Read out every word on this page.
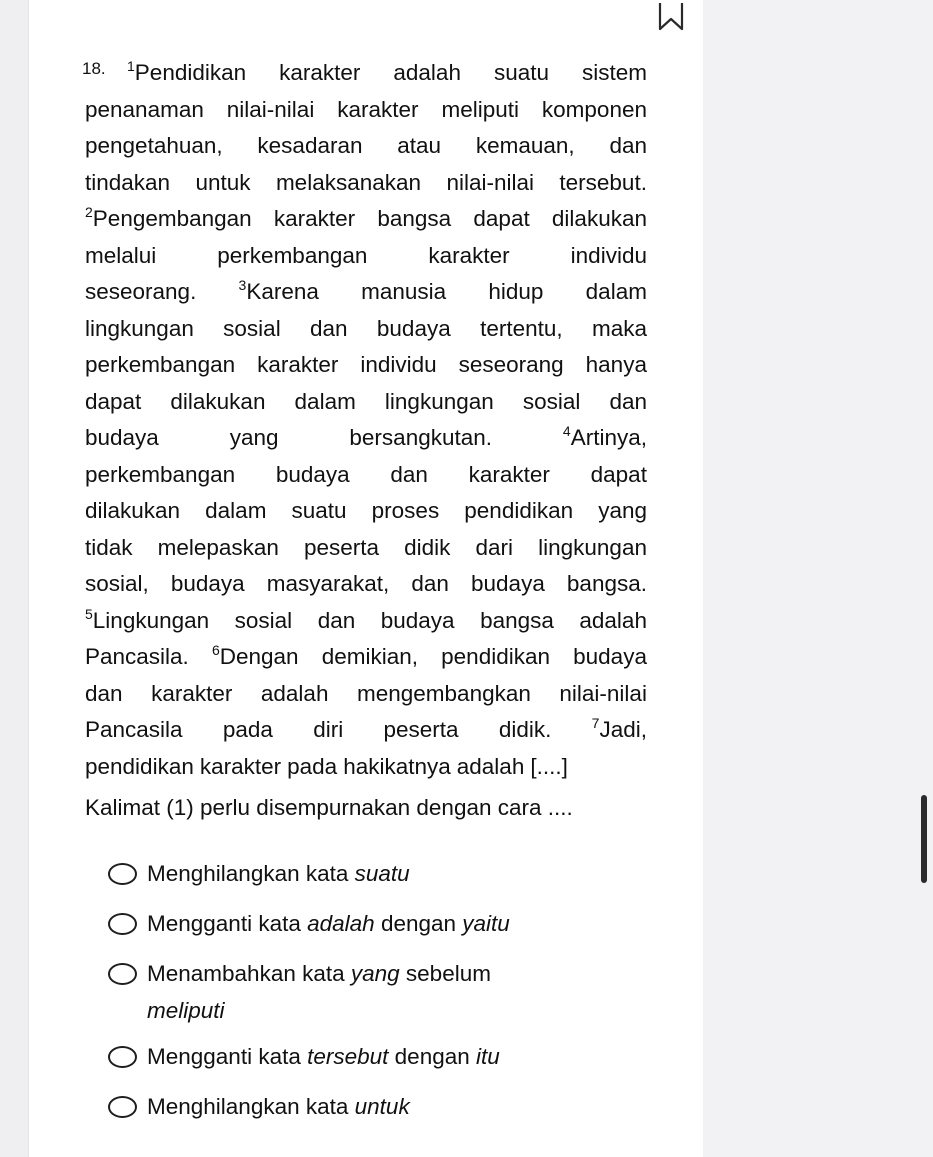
18. $^1$Pendidikan karakter adalah suatu sistem
penanaman nilai-nilai karakter meliputi komponen
pengetahuan, kesadaran atau kemauan, dan
tindakan untuk melaksanakan nilai-nilai tersebut.
$^2$Pengembangan karakter bangsa dapat dilakukan
melalui	perkembangan	karakter	individu
seseorang.	$^3$Karena manusia hidup dalam
lingkungan sosial dan budaya tertentu, maka
perkembangan karakter individu seseorang hanya
dapat dilakukan dalam lingkungan sosial dan
budaya	yang	bersangkutan.	$^4$Artinya,
perkembangan budaya dan karakter dapat
dilakukan dalam suatu proses pendidikan yang
tidak melepaskan peserta didik dari lingkungan
sosial, budaya masyarakat, dan budaya bangsa.
$^5$Lingkungan sosial dan budaya bangsa adalah
Pancasila. $^6$Dengan demikian, pendidikan budaya
dan karakter adalah mengembangkan nilai-nilai
Pancasila pada diri peserta didik.	$^7$Jadi,
pendidikan karakter pada hakikatnya adalah [....]
Kalimat (1) perlu disempurnakan dengan cara ....
Menghilangkan kata suatu
Mengganti kata adalah dengan yaitu
Menambahkan kata yang sebelum
meliputi
Mengganti kata tersebut dengan itu
Menghilangkan kata untuk
